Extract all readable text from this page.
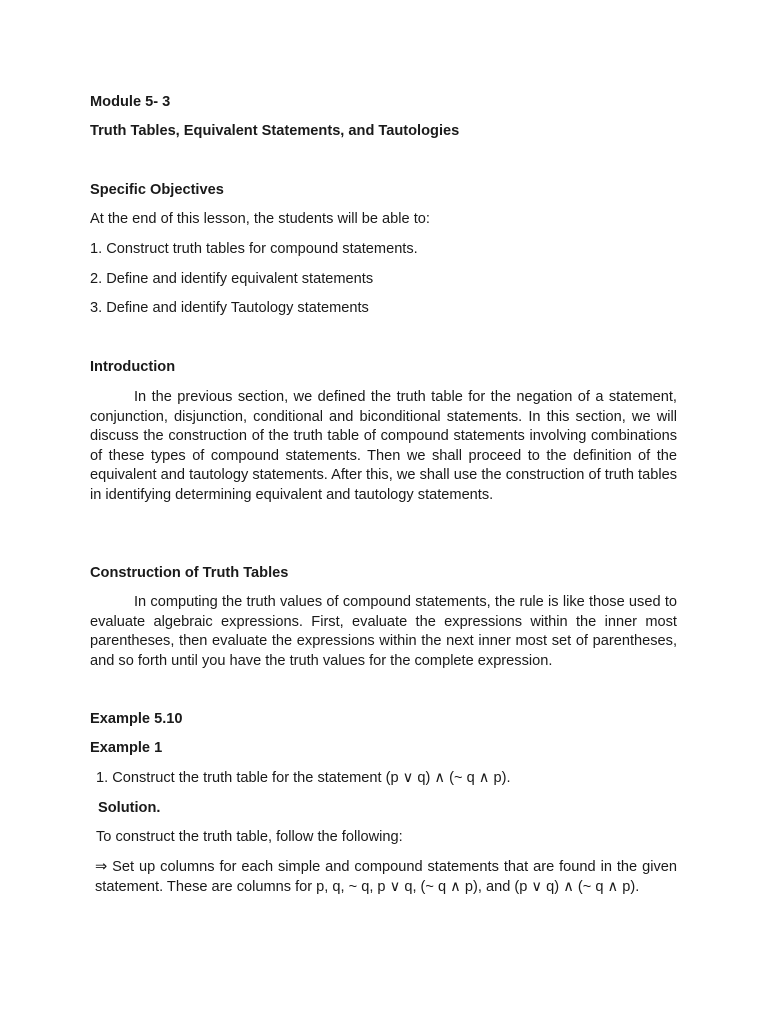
Module 5- 3
Truth Tables, Equivalent Statements, and Tautologies
Specific Objectives
At the end of this lesson, the students will be able to:
1. Construct truth tables for compound statements.
2. Define and identify equivalent statements
3. Define and identify Tautology statements
Introduction
In the previous section, we defined the truth table for the negation of a statement, conjunction, disjunction, conditional and biconditional statements. In this section, we will discuss the construction of the truth table of compound statements involving combinations of these types of compound statements. Then we shall proceed to the definition of the equivalent and tautology statements. After this, we shall use the construction of truth tables in identifying determining equivalent and tautology statements.
Construction of Truth Tables
In computing the truth values of compound statements, the rule is like those used to evaluate algebraic expressions. First, evaluate the expressions within the inner most parentheses, then evaluate the expressions within the next inner most set of parentheses, and so forth until you have the truth values for the complete expression.
Example 5.10
Example 1
1. Construct the truth table for the statement (p ∨ q) ∧ (~ q ∧ p).
Solution.
To construct the truth table, follow the following:
⇒ Set up columns for each simple and compound statements that are found in the given statement. These are columns for p, q, ~ q, p ∨ q, (~ q ∧ p), and (p ∨ q) ∧ (~ q ∧ p).
